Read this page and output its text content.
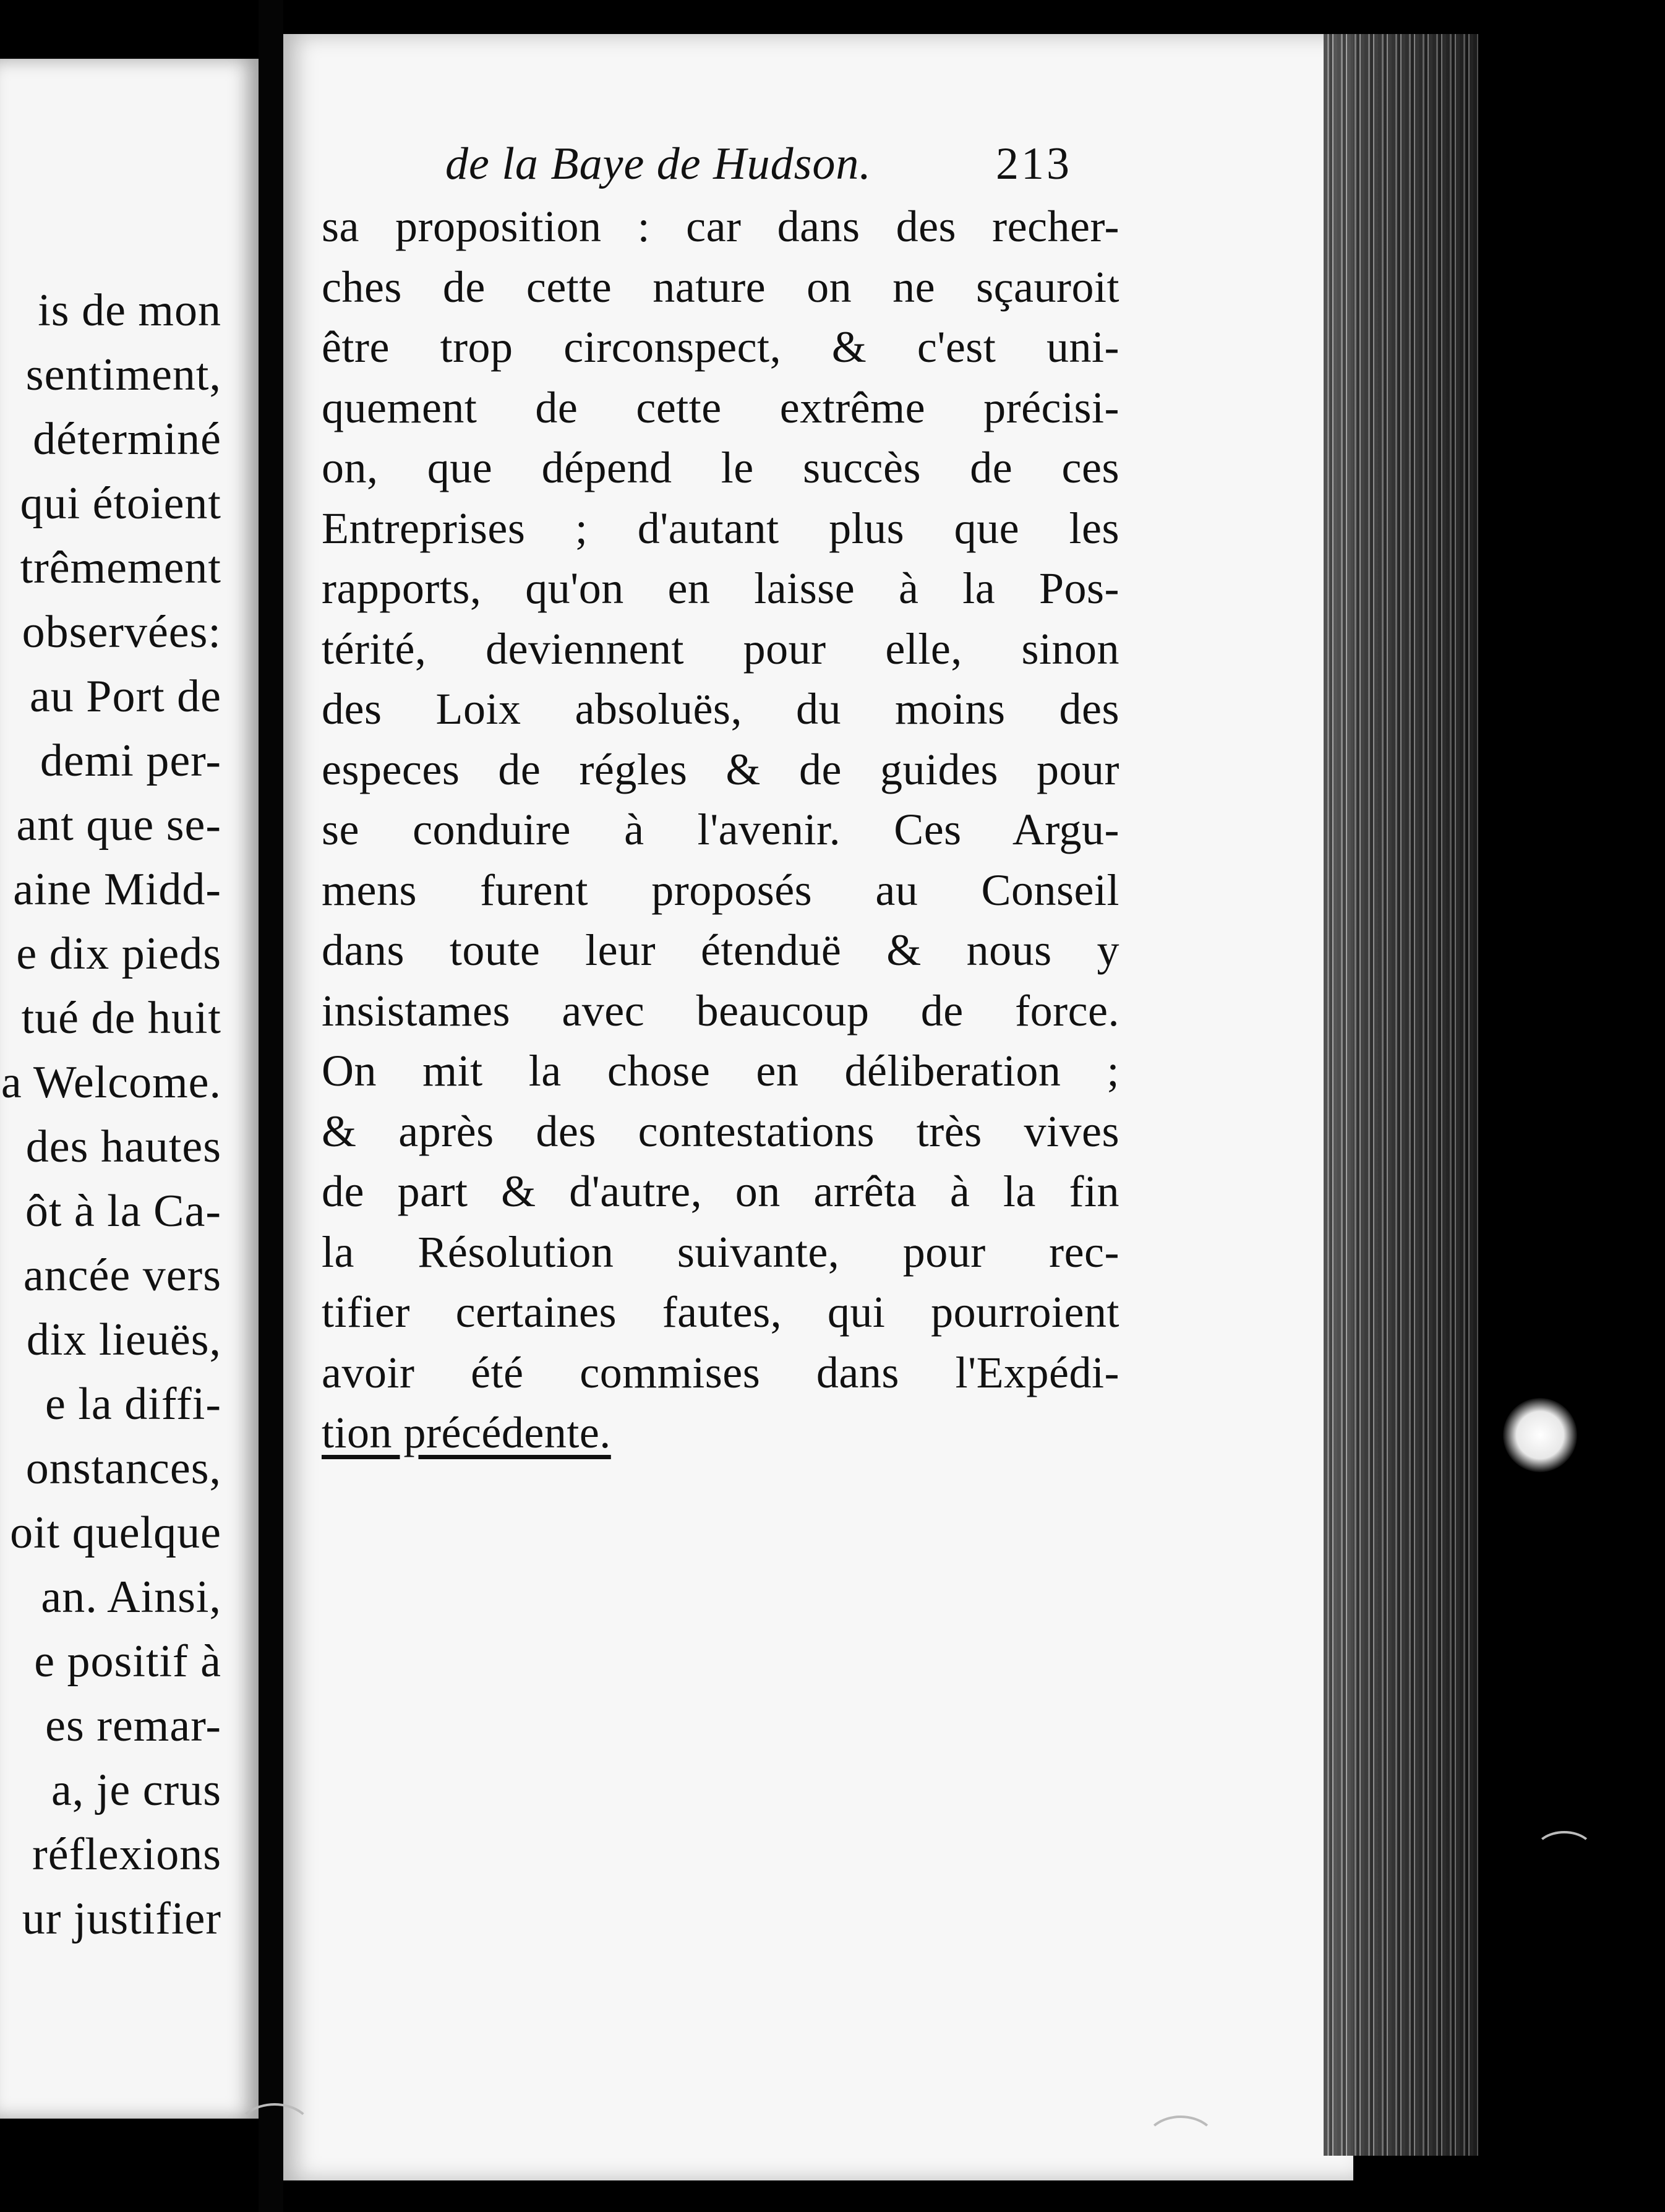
is de mon
sentiment,
déterminé
qui étoient
trêmement
observées:
au Port de
demi per-
ant que se-
aine Midd-
e dix pieds
tué de huit
a Welcome.
des hautes
ôt à la Ca-
ancée vers
dix lieuës,
e la diffi-
onstances,
oit quelque
an. Ainsi,
e positif à
es remar-
a, je crus
réflexions
ur justifier
de la Baye de Hudson.	213
sa proposition : car dans des recher-
ches de cette nature on ne sçauroit
être trop circonspect, & c'est uni-
quement de cette extrême précisi-
on, que dépend le succès de ces
Entreprises ; d'autant plus que les
rapports, qu'on en laisse à la Pos-
térité, deviennent pour elle, sinon
des Loix absoluës, du moins des
especes de régles & de guides pour
se conduire à l'avenir. Ces Argu-
mens furent proposés au Conseil
dans toute leur étenduë & nous y
insistames avec beaucoup de force.
On mit la chose en déliberation ;
& après des contestations très vives
de part & d'autre, on arrêta à la fin
la Résolution suivante, pour rec-
tifier certaines fautes, qui pourroient
avoir été commises dans l'Expédi-
tion précédente.
